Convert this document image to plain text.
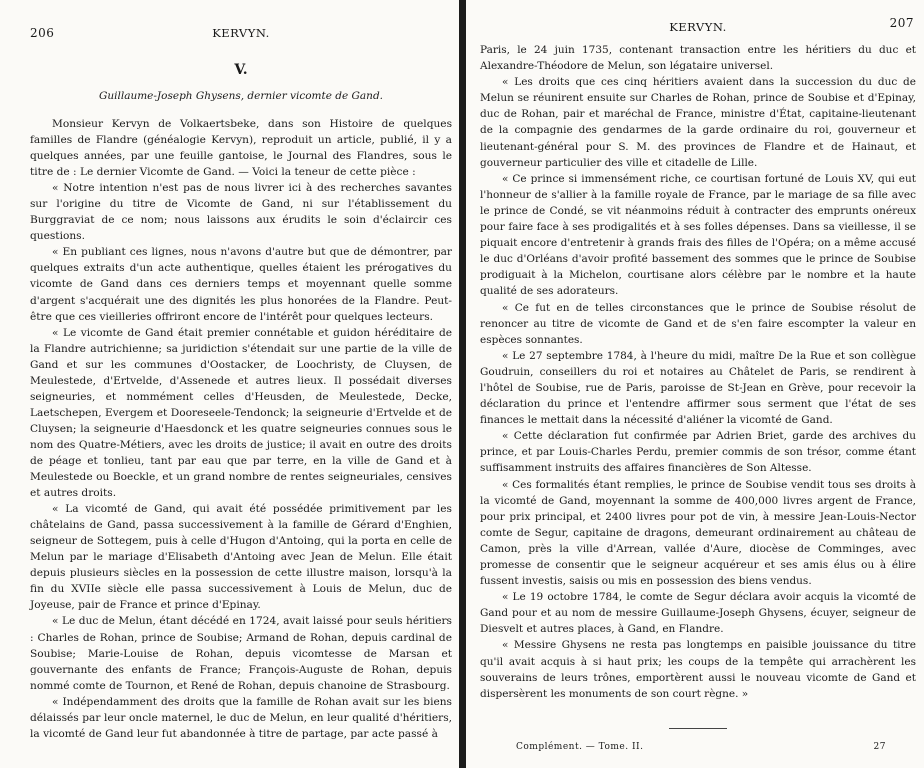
206	KERVYN.
V.
Guillaume-Joseph Ghysens, dernier vicomte de Gand.

Monsieur Kervyn de Volkaertsbeke, dans son Histoire de quelques familles de Flandre (généalogie Kervyn), reproduit un article, publié, il y a quelques années, par une feuille gantoise, le Journal des Flandres, sous le titre de : Le dernier Vicomte de Gand. — Voici la teneur de cette pièce :

« Notre intention n'est pas de nous livrer ici à des recherches savantes sur l'origine du titre de Vicomte de Gand, ni sur l'établissement du Burggraviat de ce nom; nous laissons aux érudits le soin d'éclaircir ces questions.

« En publiant ces lignes, nous n'avons d'autre but que de démontrer, par quelques extraits d'un acte authentique, quelles étaient les prérogatives du vicomte de Gand dans ces derniers temps et moyennant quelle somme d'argent s'acquérait une des dignités les plus honorées de la Flandre. Peut-être que ces vieilleries offriront encore de l'intérêt pour quelques lecteurs.

« Le vicomte de Gand était premier connétable et guidon héréditaire de la Flandre autrichienne; sa juridiction s'étendait sur une partie de la ville de Gand et sur les communes d'Oostacker, de Loochristy, de Cluysen, de Meulestede, d'Ertvelde, d'Assenede et autres lieux. Il possédait diverses seigneuries, et nommément celles d'Heusden, de Meulestede, Decke, Laetschepen, Evergem et Dooreseele-Tendonck; la seigneurie d'Ertvelde et de Cluysen; la seigneurie d'Haesdonck et les quatre seigneuries connues sous le nom des Quatre-Métiers, avec les droits de justice; il avait en outre des droits de péage et tonlieu, tant par eau que par terre, en la ville de Gand et à Meulestede ou Boeckle, et un grand nombre de rentes seigneuriales, censives et autres droits.

« La vicomté de Gand, qui avait été possédée primitivement par les châtelains de Gand, passa successivement à la famille de Gérard d'Enghien, seigneur de Sottegem, puis à celle d'Hugon d'Antoing, qui la porta en celle de Melun par le mariage d'Elisabeth d'Antoing avec Jean de Melun. Elle était depuis plusieurs siècles en la possession de cette illustre maison, lorsqu'à la fin du XVIIe siècle elle passa successivement à Louis de Melun, duc de Joyeuse, pair de France et prince d'Epinay.

« Le duc de Melun, étant décédé en 1724, avait laissé pour seuls héritiers : Charles de Rohan, prince de Soubise; Armand de Rohan, depuis cardinal de Soubise; Marie-Louise de Rohan, depuis vicomtesse de Marsan et gouvernante des enfants de France; François-Auguste de Rohan, depuis nommé comte de Tournon, et René de Rohan, depuis chanoine de Strasbourg.

« Indépendamment des droits que la famille de Rohan avait sur les biens délaissés par leur oncle maternel, le duc de Melun, en leur qualité d'héritiers, la vicomté de Gand leur fut abandonnée à titre de partage, par acte passé à

KERVYN.	207

Paris, le 24 juin 1735, contenant transaction entre les héritiers du duc et Alexandre-Théodore de Melun, son légataire universel.

« Les droits que ces cinq héritiers avaient dans la succession du duc de Melun se réunirent ensuite sur Charles de Rohan, prince de Soubise et d'Epinay, duc de Rohan, pair et maréchal de France, ministre d'État, capitaine-lieutenant de la compagnie des gendarmes de la garde ordinaire du roi, gouverneur et lieutenant-général pour S. M. des provinces de Flandre et de Hainaut, et gouverneur particulier des ville et citadelle de Lille.

« Ce prince si immensément riche, ce courtisan fortuné de Louis XV, qui eut l'honneur de s'allier à la famille royale de France, par le mariage de sa fille avec le prince de Condé, se vit néanmoins réduit à contracter des emprunts onéreux pour faire face à ses prodigalités et à ses folles dépenses. Dans sa vieillesse, il se piquait encore d'entretenir à grands frais des filles de l'Opéra; on a même accusé le duc d'Orléans d'avoir profité bassement des sommes que le prince de Soubise prodiguait à la Michelon, courtisane alors célèbre par le nombre et la haute qualité de ses adorateurs.

« Ce fut en de telles circonstances que le prince de Soubise résolut de renoncer au titre de vicomte de Gand et de s'en faire escompter la valeur en espèces sonnantes.

« Le 27 septembre 1784, à l'heure du midi, maître De la Rue et son collègue Goudruin, conseillers du roi et notaires au Châtelet de Paris, se rendirent à l'hôtel de Soubise, rue de Paris, paroisse de St-Jean en Grève, pour recevoir la déclaration du prince et l'entendre affirmer sous serment que l'état de ses finances le mettait dans la nécessité d'aliéner la vicomté de Gand.

« Cette déclaration fut confirmée par Adrien Briet, garde des archives du prince, et par Louis-Charles Perdu, premier commis de son trésor, comme étant suffisamment instruits des affaires financières de Son Altesse.

« Ces formalités étant remplies, le prince de Soubise vendit tous ses droits à la vicomté de Gand, moyennant la somme de 400,000 livres argent de France, pour prix principal, et 2400 livres pour pot de vin, à messire Jean-Louis-Nector comte de Segur, capitaine de dragons, demeurant ordinairement au château de Camon, près la ville d'Arrean, vallée d'Aure, diocèse de Comminges, avec promesse de consentir que le seigneur acquéreur et ses amis élus ou à élire fussent investis, saisis ou mis en possession des biens vendus.

« Le 19 octobre 1784, le comte de Segur déclara avoir acquis la vicomté de Gand pour et au nom de messire Guillaume-Joseph Ghysens, écuyer, seigneur de Diesvelt et autres places, à Gand, en Flandre.

« Messire Ghysens ne resta pas longtemps en paisible jouissance du titre qu'il avait acquis à si haut prix; les coups de la tempête qui arrachèrent les souverains de leurs trônes, emportèrent aussi le nouveau vicomte de Gand et dispersèrent les monuments de son court règne. »

Complément. — Tome. II.	27
